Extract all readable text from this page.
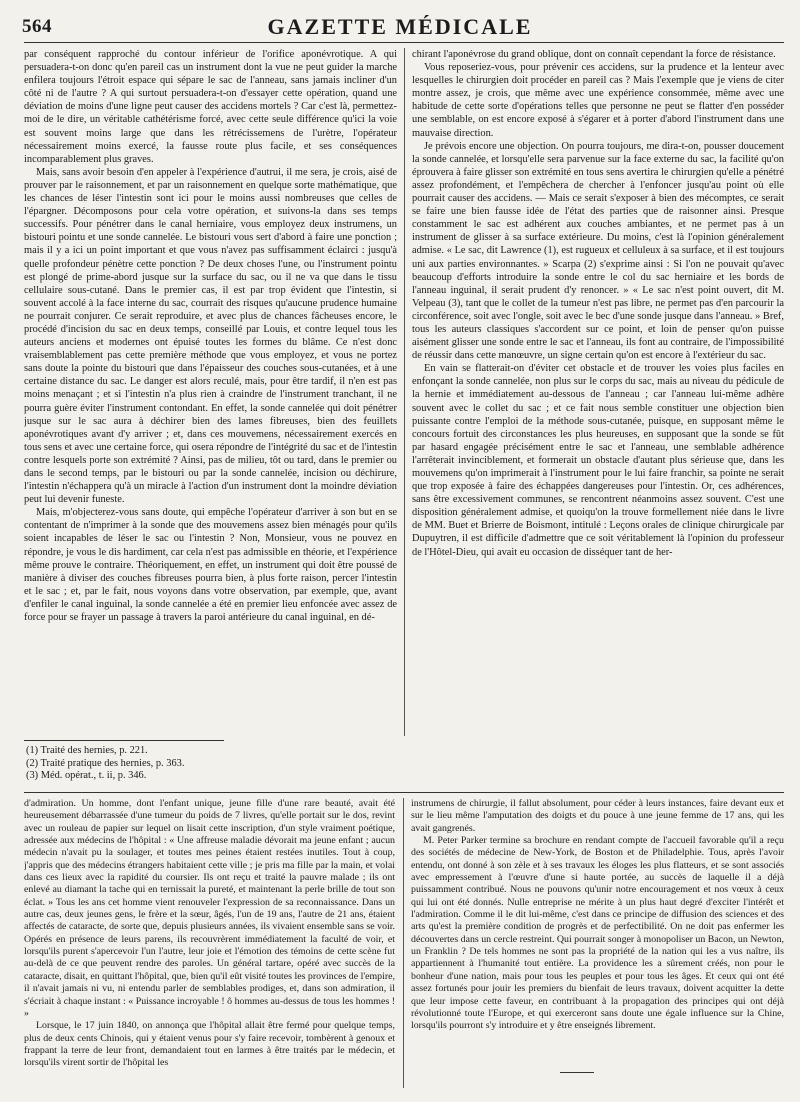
564	GAZETTE MÉDICALE

par conséquent rapproché du contour inférieur de l'orifice aponévrotique. A qui persuadera-t-on donc qu'en pareil cas un instrument dont la vue ne peut guider la marche enfilera toujours l'étroit espace qui sépare le sac de l'anneau, sans jamais incliner d'un côté ni de l'autre ? A qui surtout persuadera-t-on d'essayer cette opération, quand une déviation de moins d'une ligne peut causer des accidens mortels ? Car c'est là, permettez-moi de le dire, un véritable cathétérisme forcé, avec cette seule différence qu'ici la voie est souvent moins large que dans les rétrécissemens de l'urètre, l'opérateur nécessairement moins exercé, la fausse route plus facile, et ses conséquences incomparablement plus graves.

Mais, sans avoir besoin d'en appeler à l'expérience d'autrui, il me sera, je crois, aisé de prouver par le raisonnement, et par un raisonnement en quelque sorte mathématique, que les chances de léser l'intestin sont ici pour le moins aussi nombreuses que celles de l'épargner. Décomposons pour cela votre opération, et suivons-la dans ses temps successifs. Pour pénétrer dans le canal herniaire, vous employez deux instrumens, un bistouri pointu et une sonde cannelée. Le bistouri vous sert d'abord à faire une ponction ; mais il y a ici un point important et que vous n'avez pas suffisamment éclairci : jusqu'à quelle profondeur pénètre cette ponction ? De deux choses l'une, ou l'instrument pointu est plongé de prime-abord jusque sur la surface du sac, ou il ne va que dans le tissu cellulaire sous-cutané. Dans le premier cas, il est par trop évident que l'intestin, si souvent accolé à la face interne du sac, courrait des risques qu'aucune prudence humaine ne pourrait conjurer. Ce serait reproduire, et avec plus de chances fâcheuses encore, le procédé d'incision du sac en deux temps, conseillé par Louis, et contre lequel tous les auteurs anciens et modernes ont épuisé toutes les formes du blâme. Ce n'est donc vraisemblablement pas cette première méthode que vous employez, et vous ne portez sans doute la pointe du bistouri que dans l'épaisseur des couches sous-cutanées, et à une certaine distance du sac. Le danger est alors reculé, mais, pour être tardif, il n'en est pas moins menaçant ; et si l'intestin n'a plus rien à craindre de l'instrument tranchant, il ne pourra guère éviter l'instrument contondant. En effet, la sonde cannelée qui doit pénétrer jusque sur le sac aura à déchirer bien des lames fibreuses, bien des feuillets aponévrotiques avant d'y arriver ; et, dans ces mouvemens, nécessairement exercés en tous sens et avec une certaine force, qui osera répondre de l'intégrité du sac et de l'intestin contre lesquels porte son extrémité ? Ainsi, pas de milieu, tôt ou tard, dans le premier ou dans le second temps, par le bistouri ou par la sonde cannelée, incision ou déchirure, l'intestin n'échappera qu'à un miracle à l'action d'un instrument dont la moindre déviation peut lui devenir funeste.

Mais, m'objecterez-vous sans doute, qui empêche l'opérateur d'arriver à son but en se contentant de n'imprimer à la sonde que des mouvemens assez bien ménagés pour qu'ils soient incapables de léser le sac ou l'intestin ? Non, Monsieur, vous ne pouvez en répondre, je vous le dis hardiment, car cela n'est pas admissible en théorie, et l'expérience même prouve le contraire. Théoriquement, en effet, un instrument qui doit être poussé de manière à diviser des couches fibreuses pourra bien, à plus forte raison, percer l'intestin et le sac ; et, par le fait, nous voyons dans votre observation, par exemple, que, avant d'enfiler le canal inguinal, la sonde cannelée a été en premier lieu enfoncée avec assez de force pour se frayer un passage à travers la paroi antérieure du canal inguinal, en dé-

chirant l'aponévrose du grand oblique, dont on connaît cependant la force de résistance.

Vous reposeriez-vous, pour prévenir ces accidens, sur la prudence et la lenteur avec lesquelles le chirurgien doit procéder en pareil cas ? Mais l'exemple que je viens de citer montre assez, je crois, que même avec une expérience consommée, même avec une habitude de cette sorte d'opérations telles que personne ne peut se flatter d'en posséder une semblable, on est encore exposé à s'égarer et à porter d'abord l'instrument dans une mauvaise direction.

Je prévois encore une objection. On pourra toujours, me dira-t-on, pousser doucement la sonde cannelée, et lorsqu'elle sera parvenue sur la face externe du sac, la facilité qu'on éprouvera à faire glisser son extrémité en tous sens avertira le chirurgien qu'elle a pénétré assez profondément, et l'empêchera de chercher à l'enfoncer jusqu'au point où elle pourrait causer des accidens. — Mais ce serait s'exposer à bien des mécomptes, ce serait se faire une bien fausse idée de l'état des parties que de raisonner ainsi. Presque constamment le sac est adhérent aux couches ambiantes, et ne permet pas à un instrument de glisser à sa surface extérieure. Du moins, c'est là l'opinion généralement admise. « Le sac, dit Lawrence (1), est rugueux et celluleux à sa surface, et il est toujours uni aux parties environnantes. » Scarpa (2) s'exprime ainsi : Si l'on ne pouvait qu'avec beaucoup d'efforts introduire la sonde entre le col du sac herniaire et les bords de l'anneau inguinal, il serait prudent d'y renoncer. » « Le sac n'est point ouvert, dit M. Velpeau (3), tant que le collet de la tumeur n'est pas libre, ne permet pas d'en parcourir la circonférence, soit avec l'ongle, soit avec le bec d'une sonde jusque dans l'anneau. » Bref, tous les auteurs classiques s'accordent sur ce point, et loin de penser qu'on puisse aisément glisser une sonde entre le sac et l'anneau, ils font au contraire, de l'impossibilité de réussir dans cette manœuvre, un signe certain qu'on est encore à l'extérieur du sac.

En vain se flatterait-on d'éviter cet obstacle et de trouver les voies plus faciles en enfonçant la sonde cannelée, non plus sur le corps du sac, mais au niveau du pédicule de la hernie et immédiatement au-dessous de l'anneau ; car l'anneau lui-même adhère souvent avec le collet du sac ; et ce fait nous semble constituer une objection bien puissante contre l'emploi de la méthode sous-cutanée, puisque, en supposant même le concours fortuit des circonstances les plus heureuses, en supposant que la sonde se fût par hasard engagée précisément entre le sac et l'anneau, une semblable adhérence l'arrêterait invinciblement, et formerait un obstacle d'autant plus sérieuse que, dans les mouvemens qu'on imprimerait à l'instrument pour le lui faire franchir, sa pointe ne serait que trop exposée à faire des échappées dangereuses pour l'intestin. Or, ces adhérences, sans être excessivement communes, se rencontrent néanmoins assez souvent. C'est une disposition généralement admise, et quoiqu'on la trouve formellement niée dans le livre de MM. Buet et Brierre de Boismont, intitulé : Leçons orales de clinique chirurgicale par Dupuytren, il est difficile d'admettre que ce soit véritablement là l'opinion du professeur de l'Hôtel-Dieu, qui avait eu occasion de disséquer tant de her-

(1) Traité des hernies, p. 221.
(2) Traité pratique des hernies, p. 363.
(3) Méd. opérat., t. ii, p. 346.

d'admiration. Un homme, dont l'enfant unique, jeune fille d'une rare beauté, avait été heureusement débarrassée d'une tumeur du poids de 7 livres, qu'elle portait sur le dos, revint avec un rouleau de papier sur lequel on lisait cette inscription, d'un style vraiment poétique, adressée aux médecins de l'hôpital : « Une affreuse maladie dévorait ma jeune enfant ; aucun médecin n'avait pu la soulager, et toutes mes peines étaient restées inutiles. Tout à coup, j'appris que des médecins étrangers habitaient cette ville ; je pris ma fille par la main, et volai dans ces lieux avec la rapidité du coursier. Ils ont reçu et traité la pauvre malade ; ils ont enlevé au diamant la tache qui en ternissait la pureté, et maintenant la perle brille de tout son éclat. » Tous les ans cet homme vient renouveler l'expression de sa reconnaissance. Dans un autre cas, deux jeunes gens, le frère et la sœur, âgés, l'un de 19 ans, l'autre de 21 ans, étaient affectés de cataracte, de sorte que, depuis plusieurs années, ils vivaient ensemble sans se voir. Opérés en présence de leurs parens, ils recouvrèrent immédiatement la faculté de voir, et lorsqu'ils purent s'apercevoir l'un l'autre, leur joie et l'émotion des témoins de cette scène fut au-delà de ce que peuvent rendre des paroles. Un général tartare, opéré avec succès de la cataracte, disait, en quittant l'hôpital, que, bien qu'il eût visité toutes les provinces de l'empire, il n'avait jamais ni vu, ni entendu parler de semblables prodiges, et, dans son admiration, il s'écriait à chaque instant : « Puissance incroyable ! ô hommes au-dessus de tous les hommes ! »

Lorsque, le 17 juin 1840, on annonça que l'hôpital allait être fermé pour quelque temps, plus de deux cents Chinois, qui y étaient venus pour s'y faire recevoir, tombèrent à genoux et frappant la terre de leur front, demandaient tout en larmes à être traités par le médecin, et lorsqu'ils virent sortir de l'hôpital les

instrumens de chirurgie, il fallut absolument, pour céder à leurs instances, faire devant eux et sur le lieu même l'amputation des doigts et du pouce à une jeune femme de 17 ans, qui les avait gangrenés.

M. Peter Parker termine sa brochure en rendant compte de l'accueil favorable qu'il a reçu des sociétés de médecine de New-York, de Boston et de Philadelphie. Tous, après l'avoir entendu, ont donné à son zèle et à ses travaux les éloges les plus flatteurs, et se sont associés avec empressement à l'œuvre d'une si haute portée, au succès de laquelle il a déjà puissamment contribué. Nous ne pouvons qu'unir notre encouragement et nos vœux à ceux qui lui ont été donnés. Nulle entreprise ne mérite à un plus haut degré d'exciter l'intérêt et l'admiration. Comme il le dit lui-même, c'est dans ce principe de diffusion des sciences et des arts qu'est la première condition de progrès et de perfectibilité. On ne doit pas enfermer les découvertes dans un cercle restreint. Qui pourrait songer à monopoliser un Bacon, un Newton, un Franklin ? De tels hommes ne sont pas la propriété de la nation qui les a vus naître, ils appartiennent à l'humanité tout entière. La providence les a sûrement créés, non pour le bonheur d'une nation, mais pour tous les peuples et pour tous les âges. Et ceux qui ont été assez fortunés pour jouir les premiers du bienfait de leurs travaux, doivent acquitter la dette que leur impose cette faveur, en contribuant à la propagation des principes qui ont déjà révolutionné toute l'Europe, et qui exerceront sans doute une égale influence sur la Chine, lorsqu'ils pourront s'y introduire et y être enseignés librement.
